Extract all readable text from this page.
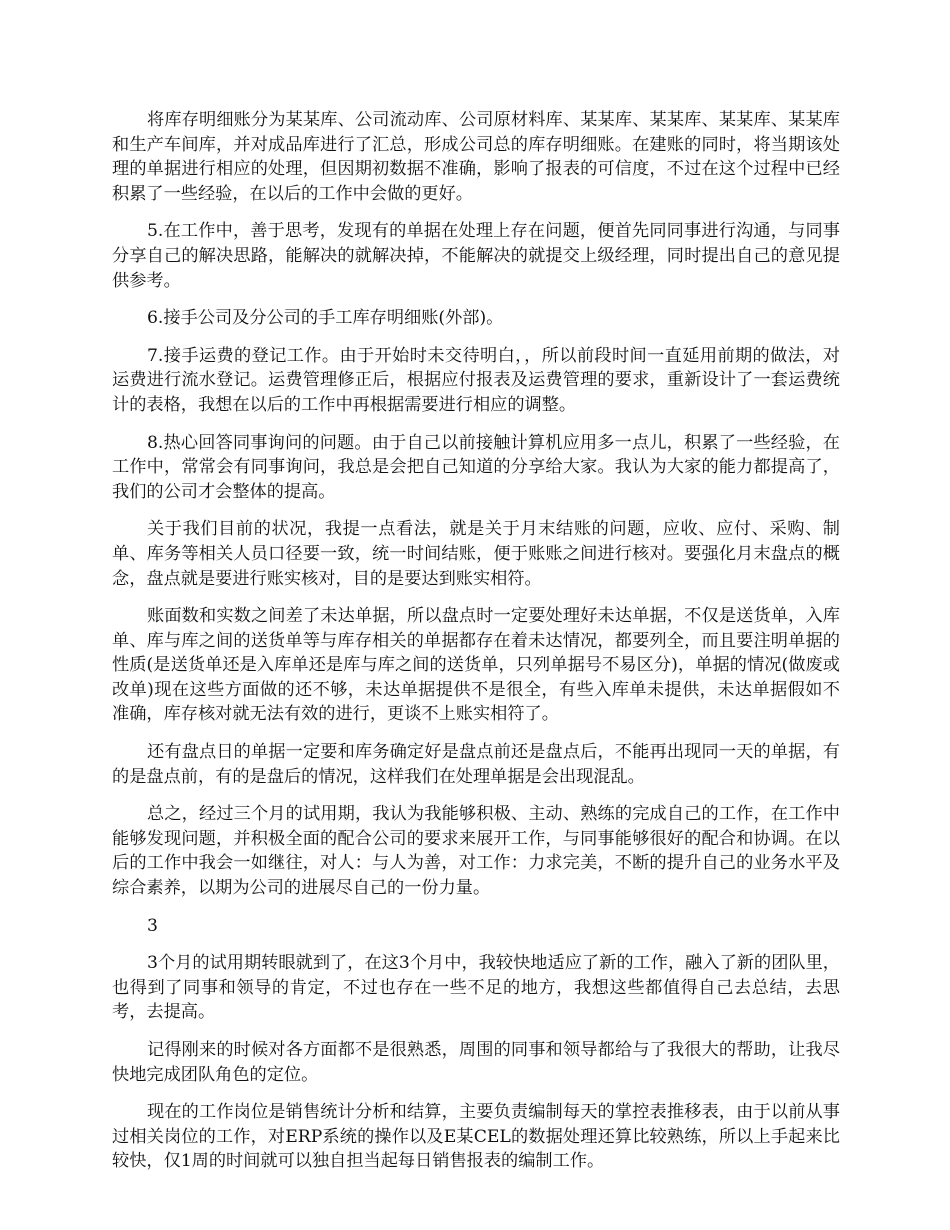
将库存明细账分为某某库、公司流动库、公司原材料库、某某库、某某库、某某库、某某库和生产车间库，并对成品库进行了汇总，形成公司总的库存明细账。在建账的同时，将当期该处理的单据进行相应的处理，但因期初数据不准确，影响了报表的可信度，不过在这个过程中已经积累了一些经验，在以后的工作中会做的更好。

5.在工作中，善于思考，发现有的单据在处理上存在问题，便首先同同事进行沟通，与同事分享自己的解决思路，能解决的就解决掉，不能解决的就提交上级经理，同时提出自己的意见提供参考。

6.接手公司及分公司的手工库存明细账(外部)。

7.接手运费的登记工作。由于开始时未交待明白，，所以前段时间一直延用前期的做法，对运费进行流水登记。运费管理修正后，根据应付报表及运费管理的要求，重新设计了一套运费统计的表格，我想在以后的工作中再根据需要进行相应的调整。

8.热心回答同事询问的问题。由于自己以前接触计算机应用多一点儿，积累了一些经验，在工作中，常常会有同事询问，我总是会把自己知道的分享给大家。我认为大家的能力都提高了，我们的公司才会整体的提高。

关于我们目前的状况，我提一点看法，就是关于月末结账的问题，应收、应付、采购、制单、库务等相关人员口径要一致，统一时间结账，便于账账之间进行核对。要强化月末盘点的概念，盘点就是要进行账实核对，目的是要达到账实相符。

账面数和实数之间差了未达单据，所以盘点时一定要处理好未达单据，不仅是送货单，入库单、库与库之间的送货单等与库存相关的单据都存在着未达情况，都要列全，而且要注明单据的性质(是送货单还是入库单还是库与库之间的送货单，只列单据号不易区分)，单据的情况(做废或改单)现在这些方面做的还不够，未达单据提供不是很全，有些入库单未提供，未达单据假如不准确，库存核对就无法有效的进行，更谈不上账实相符了。

还有盘点日的单据一定要和库务确定好是盘点前还是盘点后，不能再出现同一天的单据，有的是盘点前，有的是盘后的情况，这样我们在处理单据是会出现混乱。

总之，经过三个月的试用期，我认为我能够积极、主动、熟练的完成自己的工作，在工作中能够发现问题，并积极全面的配合公司的要求来展开工作，与同事能够很好的配合和协调。在以后的工作中我会一如继往，对人：与人为善，对工作：力求完美，不断的提升自己的业务水平及综合素养，以期为公司的进展尽自己的一份力量。

3

3个月的试用期转眼就到了，在这3个月中，我较快地适应了新的工作，融入了新的团队里，也得到了同事和领导的肯定，不过也存在一些不足的地方，我想这些都值得自己去总结，去思考，去提高。

记得刚来的时候对各方面都不是很熟悉，周围的同事和领导都给与了我很大的帮助，让我尽快地完成团队角色的定位。

现在的工作岗位是销售统计分析和结算，主要负责编制每天的掌控表推移表，由于以前从事过相关岗位的工作，对ERP系统的操作以及E某CEL的数据处理还算比较熟练，所以上手起来比较快，仅1周的时间就可以独自担当起每日销售报表的编制工作。
